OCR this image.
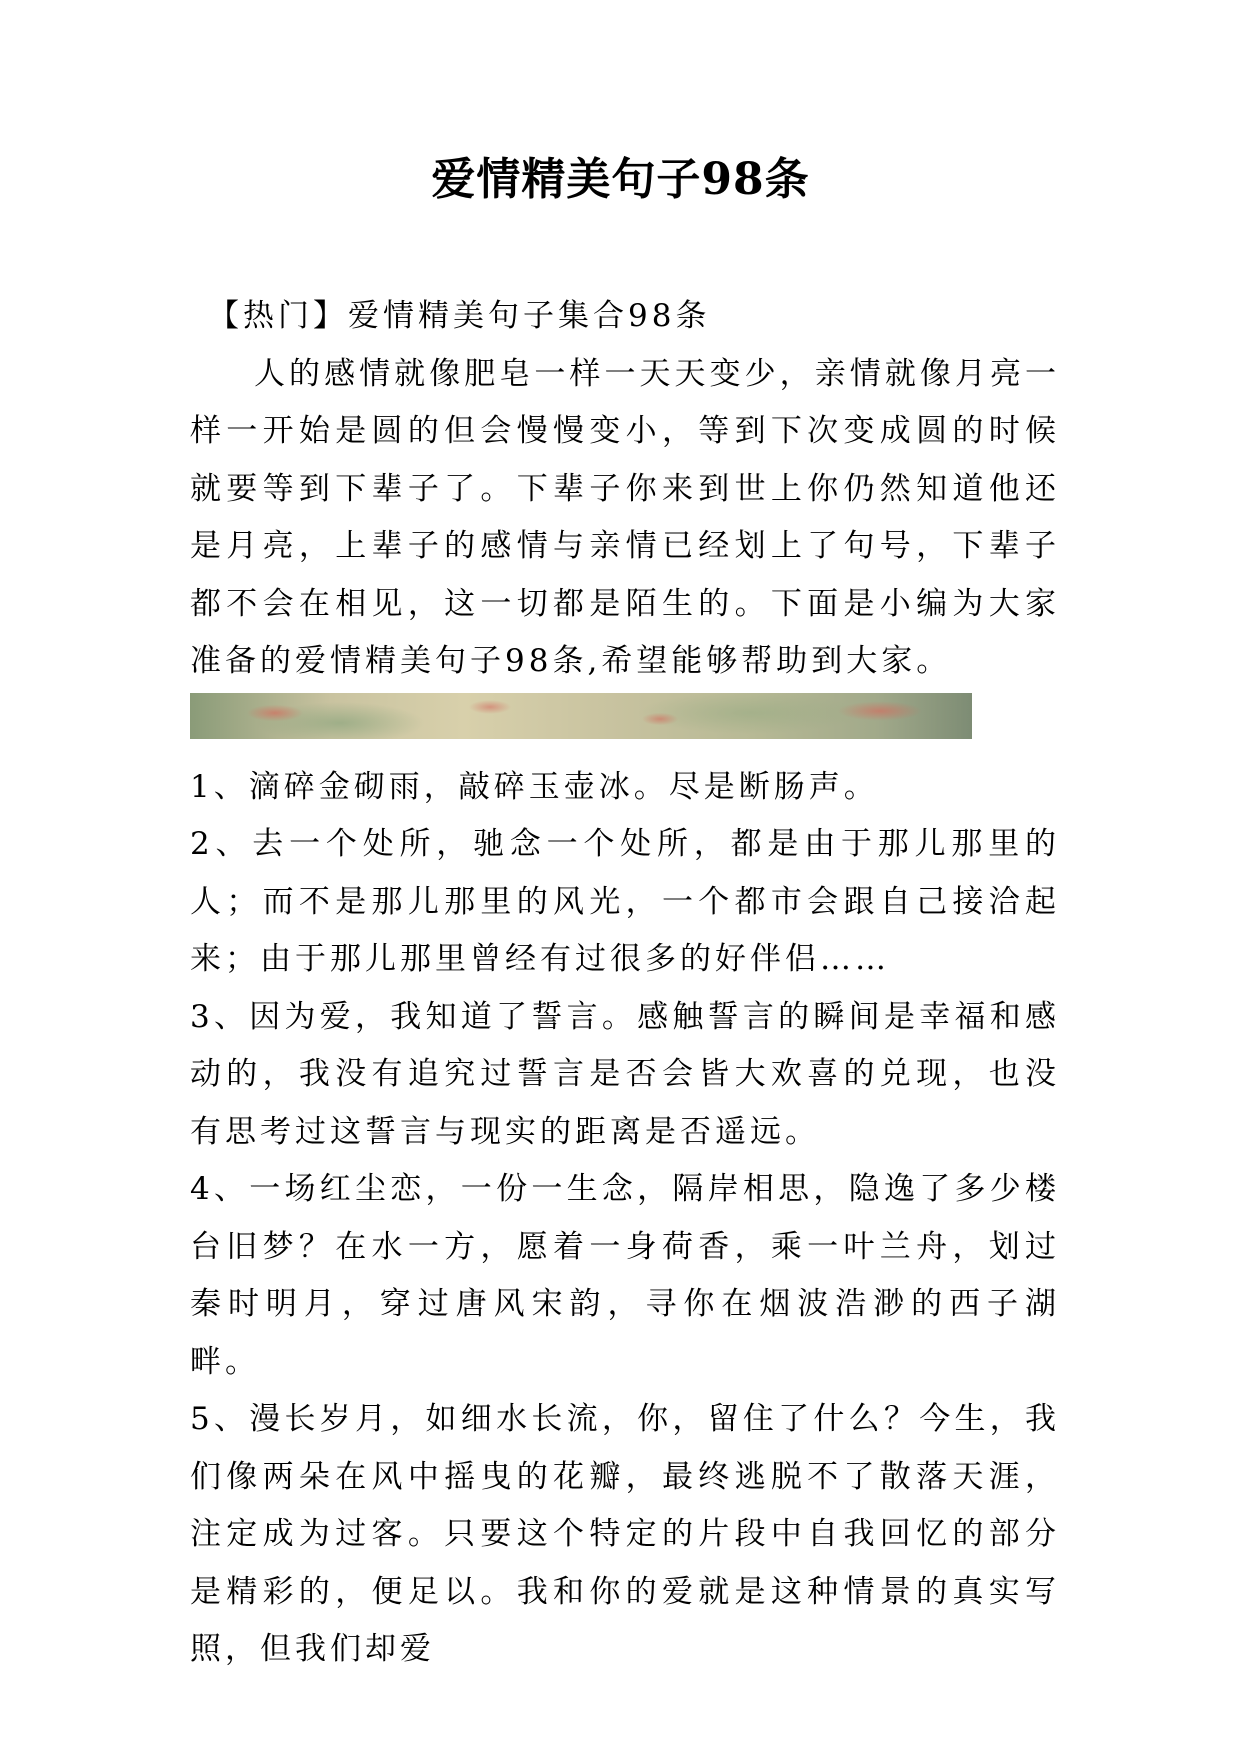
爱情精美句子98条

【热门】爱情精美句子集合98条

人的感情就像肥皂一样一天天变少，亲情就像月亮一样一开始是圆的但会慢慢变小，等到下次变成圆的时候就要等到下辈子了。下辈子你来到世上你仍然知道他还是月亮，上辈子的感情与亲情已经划上了句号，下辈子都不会在相见，这一切都是陌生的。下面是小编为大家准备的爱情精美句子98条,希望能够帮助到大家。

1、滴碎金砌雨，敲碎玉壶冰。尽是断肠声。

2、去一个处所，驰念一个处所，都是由于那儿那里的人；而不是那儿那里的风光，一个都市会跟自己接洽起来；由于那儿那里曾经有过很多的好伴侣……

3、因为爱，我知道了誓言。感触誓言的瞬间是幸福和感动的，我没有追究过誓言是否会皆大欢喜的兑现，也没有思考过这誓言与现实的距离是否遥远。

4、一场红尘恋，一份一生念，隔岸相思，隐逸了多少楼台旧梦？在水一方，愿着一身荷香，乘一叶兰舟，划过秦时明月，穿过唐风宋韵，寻你在烟波浩渺的西子湖畔。

5、漫长岁月，如细水长流，你，留住了什么？今生，我们像两朵在风中摇曳的花瓣，最终逃脱不了散落天涯，注定成为过客。只要这个特定的片段中自我回忆的部分是精彩的，便足以。我和你的爱就是这种情景的真实写照，但我们却爱
